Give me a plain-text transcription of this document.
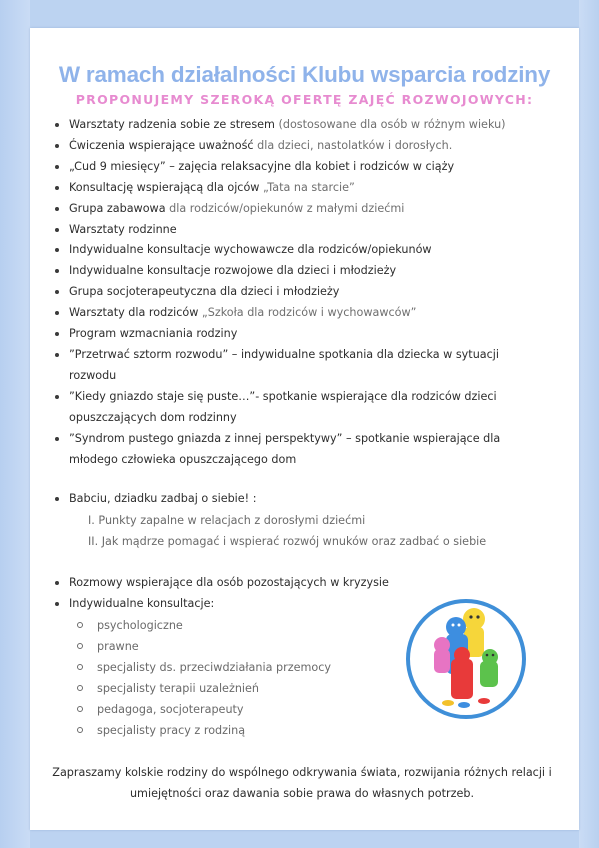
W ramach działalności Klubu wsparcia rodziny
PROPONUJEMY SZEROKĄ OFERTĘ ZAJĘĆ ROZWOJOWYCH:
Warsztaty radzenia sobie ze stresem (dostosowane dla osób w różnym wieku)
Ćwiczenia wspierające uważność dla dzieci, nastolatków i dorosłych.
„Cud 9 miesięcy” – zajęcia relaksacyjne dla kobiet i rodziców w ciąży
Konsultację wspierającą dla ojców „Tata na starcie”
Grupa zabawowa dla rodziców/opiekunów z małymi dziećmi
Warsztaty rodzinne
Indywidualne konsultacje wychowawcze dla rodziców/opiekunów
Indywidualne konsultacje rozwojowe dla dzieci i młodzieży
Grupa socjoterapeutyczna dla dzieci i młodzieży
Warsztaty dla rodziców „Szkoła dla rodziców i wychowawców”
Program wzmacniania rodziny
”Przetrwać sztorm rozwodu” – indywidualne spotkania dla dziecka w sytuacji rozwodu
”Kiedy gniazdo staje się puste…”- spotkanie wspierające dla rodziców dzieci opuszczających dom rodzinny
”Syndrom pustego gniazda z innej perspektywy” – spotkanie wspierające dla młodego człowieka opuszczającego dom
Babciu, dziadku zadbaj o siebie! :
I. Punkty zapalne w relacjach z dorosłymi dziećmi
II. Jak mądrze pomagać i wspierać rozwój wnuków oraz zadbać o siebie
Rozmowy wspierające dla osób pozostających w kryzysie
Indywidualne konsultacje:
psychologiczne
prawne
specjalisty ds. przeciwdziałania przemocy
specjalisty terapii uzależnień
pedagoga, socjoterapeuty
specjalisty pracy z rodziną

Zapraszamy kolskie rodziny do wspólnego odkrywania świata, rozwijania różnych relacji i umiejętności oraz dawania sobie prawa do własnych potrzeb.
